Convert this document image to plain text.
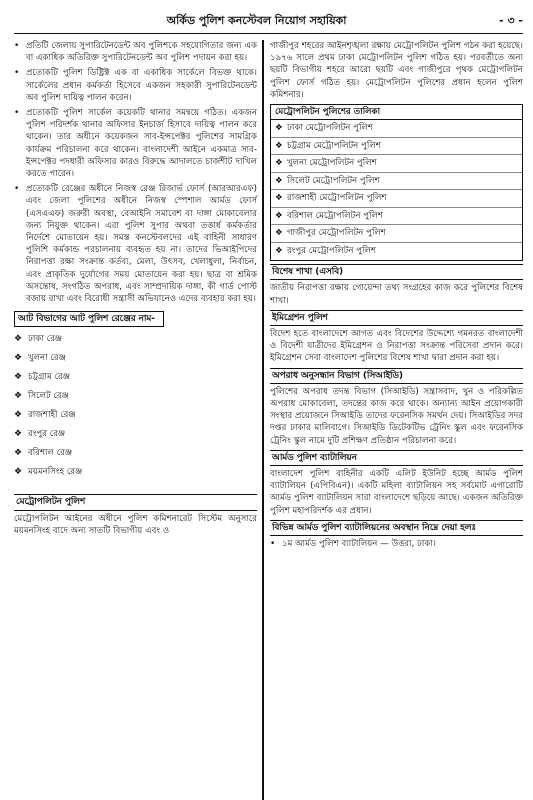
অর্কিড পুলিশ কনস্টেবল নিয়োগ সহায়িকা	- ৩ -
• প্রতিটি জেলায় সুপারিটেনডেন্ট অব পুলিশকে সহযোগিতার জন্য এক বা একাধিক অতিরিক্ত সুপারিটেনডেন্ট অব পুলিশ পদায়ন করা হয়।
• প্রত্যেকটি পুলিশ ডিষ্ট্রিক্ট এক বা একাধিক সার্কেলে বিভক্ত থাকে। সার্কেলের প্রধান কর্মকর্তা হিসেবে একজন সহকারী সুপারিটেনডেন্ট অব পুলিশ দায়িত্ব পালন করেন।
• প্রত্যেকটি পুলিশ সার্কেল কয়েকটি থানার সমন্বয়ে গঠিত। একজন পুলিশ পরিদর্শক থানার অফিসার ইনচার্জ হিসাবে দায়িত্ব পালন করে থাকেন। তার অধীনে কয়েকজন সাব-ইন্সপেক্টর পুলিশের সামগ্রিক কার্যক্রম পরিচালনা করে থাকেন। বাংলাদেশী আইনে একমাত্র সাব-ইন্সপেক্টর পদধারী অফিসার কারও বিরুদ্ধে আদালতে চার্জশীট দাখিল করতে পারেন।
• প্রত্যেকটি রেঞ্জের অধীনে নিজস্ব রেঞ্জ রিজার্ভ ফোর্স (আরআরএফ) এবং জেলা পুলিশের অধীনে নিজস্ব স্পেশাল আর্মড ফোর্স (এসএএফ) জরুরী অবস্থা, বেআইনি সমাবেশ বা দাঙ্গা মোকাবেলার জন্য নিযুক্ত থাকেন। এরা পুলিশ সুপার অথবা তত্তার্ধ কর্মকর্তার নির্দেশে মোতায়েন হয়। সমস্ত কনস্টেবলদের এই বাহিনী সাধারণ পুলিশি কর্মকান্ড পরচালনায় ব্যবহৃত হয় না। তাদের ভিআইপিদের নিরাপত্তা রক্ষা সংক্রান্ত কর্তব্য, মেলা, উৎসব, খেলাধুলা, নির্বাচন, এবং প্রাকৃতিক দুর্যোগের সময় মোতায়েন করা হয়। ছাত্র বা শ্রমিক অসন্তোষ, সংগঠিত অপরাধ, এবং সাম্প্রদায়িক দাঙ্গা, কী গার্ড পোস্ট বজায় রাখা এবং বিরোধী সন্ত্রাসী অভিযানেও এদের ব্যবহার করা হয়।
আট বিভাগের আট পুলিশ রেঞ্জের নাম-
❖ ঢাকা রেঞ্জ
❖ খুলনা রেঞ্জ
❖ চট্টগ্রাম রেঞ্জ
❖ সিলেট রেঞ্জ
❖ রাজশাহী রেঞ্জ
❖ রংপুর রেঞ্জ
❖ বরিশাল রেঞ্জ
❖ ময়মনসিংহ রেঞ্জ
মেট্রোপলিটন পুলিশ
মেট্রোপলিটন আইনের অধীনে পুলিশ কমিশনারেট সিস্টেম অনুসারে ময়মনসিংহ বাদে অন্য সাতটি বিভাগীয় এবং ও
গাজীপুর শহরের আইনশৃঙ্খলা রক্ষায় মেট্রোপলিটন পুলিশ গঠন করা হয়েছে। ১৯৭৬ সালে প্রথম ঢাকা মেট্রোপলিটন পুলিশ গঠিত হয়। পরবর্তীতে অন্য ছয়টি বিভাগীয় শহরে আরো ছয়টি এবং গাজীপুরে পৃথক মেট্রোপলিটন পুলিশ ফোর্স গঠিত হয়। মেট্রোপলিটন পুলিশের প্রধান হলেন পুলিশ কমিশনার।
মেট্রোপলিটন পুলিশের তালিকা
❖ ঢাকা মেট্রোপলিটন পুলিশ
❖ চট্টগ্রাম মেট্রোপলিটন পুলিশ
❖ খুলনা মেট্রোপলিটন পুলিশ
❖ সিলেট মেট্রোপলিটন পুলিশ
❖ রাজশাহী মেট্রোপলিটন পুলিশ
❖ বরিশাল মেট্রোপলিটন পুলিশ
❖ গাজীপুর মেট্রোপলিটন পুলিশ
❖ রংপুর মেট্রোপলিটন পুলিশ
বিশেষ শাখা (এসবি)
জাতীয় নিরাপত্তা রক্ষায় গোয়েন্দা তথ্য সংগ্রহের কাজ করে পুলিশের বিশেষ শাখা।
ইমিগ্রেশন পুলিশ
বিদেশ হতে বাংলাদেশে আগত এবং বিদেশের উদ্দেশ্যে গমনরত বাংলাদেশী ও বিদেশী যাত্রীদের ইমিগ্রেশন ও নিরাপত্তা সংক্রান্ত পরিসেবা প্রদান করে। ইমিগ্রেশন সেবা বাংলাদেশ পুলিশের বিশেষ শাখা দ্বারা প্রদান করা হয়।
অপরাধ অনুসন্ধান বিভাগ (সিআইডি)
পুলিশের অপরাধ তদন্ত বিভাগ (সিআইডি) সন্ত্রাসবাদ, খুন ও পরিকল্পিত অপরাধ মোকাবেলা, তদন্তের কাজ করে থাকে। অন্যান্য আইন প্রয়োগকারী সংস্থার প্রয়োজনে সিআইডি তাদের ফরেনসিক সমর্থন দেয়। সিআইডির সদর দপ্তর ঢাকার মালিবাগে। সিআইডি ডিটেকটিভ ট্রেনিং স্কুল এবং ফরেনসিক ট্রেনিং স্কুল নামে দুটি প্রশিক্ষণ প্রতিষ্ঠান পরিচালনা করে।
আর্মড পুলিশ ব্যাটালিয়ন
বাংলাদেশ পুলিশ বাহিনীর একটি এলিট ইউনিট হচ্ছে আর্মড পুলিশ ব্যাটালিয়ন (এপিবিএন)। একটি মহিলা ব্যাটালিয়ন সহ সর্বমোট এগারোটি আর্মড পুলিশ ব্যাটালিয়ন সারা বাংলাদেশে ছড়িয়ে আছে। একজন অতিরিক্ত পুলিশ মহাপরিদর্শক এর প্রধান।
বিভিন্ন আর্মড পুলিশ ব্যাটালিয়নের অবস্থান নিম্নে দেয়া হলঃ
• ১ম আর্মড পুলিশ ব্যাটালিয়ন — উত্তরা, ঢাকা।
